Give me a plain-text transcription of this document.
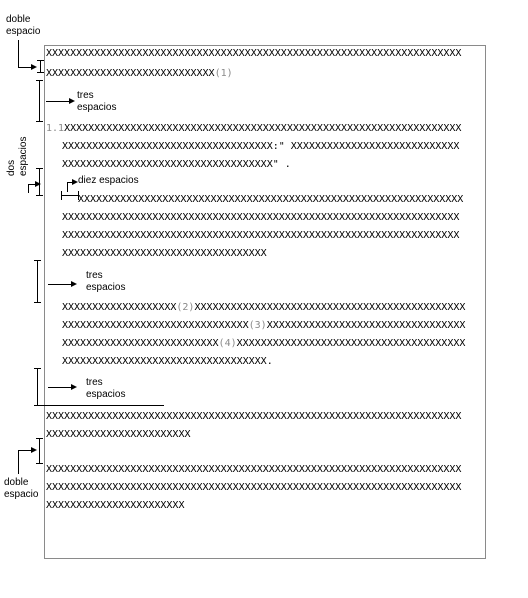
doble
espacio
tres
espacios
dos espacios
diez espacios
tres
espacios
tres
espacios
doble
espacio
XXXXXXXXXXXXXXXXXXXXXXXXXXXXXXXXXXXXXXXXXXXXXXXXXXXXXXXXXXXXXXXXXXXXX
XXXXXXXXXXXXXXXXXXXXXXXXXXXX(1)
1.1XXXXXXXXXXXXXXXXXXXXXXXXXXXXXXXXXXXXXXXXXXXXXXXXXXXXXXXXXXXXXXXXXX
XXXXXXXXXXXXXXXXXXXXXXXXXXXXXXXXXXX:" XXXXXXXXXXXXXXXXXXXXXXXXXXXX
XXXXXXXXXXXXXXXXXXXXXXXXXXXXXXXXXXX" .
XXXXXXXXXXXXXXXXXXXXXXXXXXXXXXXXXXXXXXXXXXXXXXXXXXXXXXXXXXXXXXXX
XXXXXXXXXXXXXXXXXXXXXXXXXXXXXXXXXXXXXXXXXXXXXXXXXXXXXXXXXXXXXXXXXX
XXXXXXXXXXXXXXXXXXXXXXXXXXXXXXXXXXXXXXXXXXXXXXXXXXXXXXXXXXXXXXXXXX
XXXXXXXXXXXXXXXXXXXXXXXXXXXXXXXXXX
XXXXXXXXXXXXXXXXXXX(2)XXXXXXXXXXXXXXXXXXXXXXXXXXXXXXXXXXXXXXXXXXXXX
XXXXXXXXXXXXXXXXXXXXXXXXXXXXXXX(3)XXXXXXXXXXXXXXXXXXXXXXXXXXXXXXXXX
XXXXXXXXXXXXXXXXXXXXXXXXXX(4)XXXXXXXXXXXXXXXXXXXXXXXXXXXXXXXXXXXXXX
XXXXXXXXXXXXXXXXXXXXXXXXXXXXXXXXXX.
XXXXXXXXXXXXXXXXXXXXXXXXXXXXXXXXXXXXXXXXXXXXXXXXXXXXXXXXXXXXXXXXXXXXX
XXXXXXXXXXXXXXXXXXXXXXXX
XXXXXXXXXXXXXXXXXXXXXXXXXXXXXXXXXXXXXXXXXXXXXXXXXXXXXXXXXXXXXXXXXXXXX
XXXXXXXXXXXXXXXXXXXXXXXXXXXXXXXXXXXXXXXXXXXXXXXXXXXXXXXXXXXXXXXXXXXXX
XXXXXXXXXXXXXXXXXXXXXXX
